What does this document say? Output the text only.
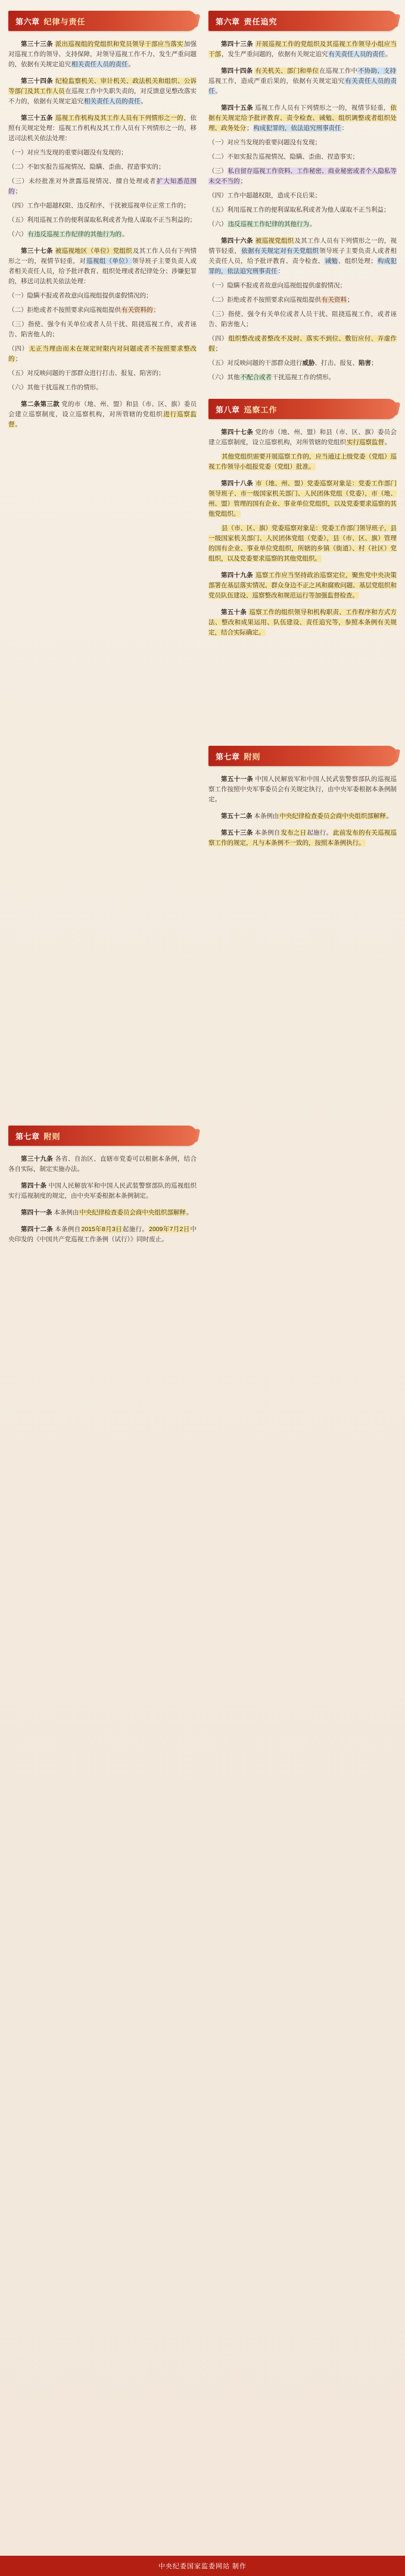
第六章 纪律与责任

第三十三条 派出巡视组的党组织和党员领导干部应当落实加强对巡视工作的领导、支持保障，对领导巡视工作不力、发生严重问题的，依据有关规定追究相关责任人员的责任。

第三十四条 纪检监察机关、审计机关、政法机关和组织、公诉等部门及其工作人员在巡视工作中失职失责的，对反馈意见整改落实不力的，依据有关规定追究相关责任人员的责任。

第三十五条 巡视工作机构及其工作人员有下列情形之一的，依照有关规定处理：巡视工作机构及其工作人员有下列情形之一的，移送司法机关依法处理：

（一）对应当发现的重要问题没有发现的；

（二）不如实报告巡视情况、隐瞒、歪曲、捏造事实的；

（三）未经批准对外泄露巡视情况、擅自处理或者扩大知悉范围的；

（四）工作中超越权限、违反程序、干扰被巡视单位正常工作的；

（五）利用巡视工作的便利谋取私利或者为他人谋取不正当利益的；

（六）有违反巡视工作纪律的其他行为的。

第三十七条 被巡视地区（单位）党组织及其工作人员有下列情形之一的，视情节轻重，对巡视组（单位）领导班子主要负责人或者相关责任人员，给予批评教育、组织处理或者纪律处分；涉嫌犯罪的，移送司法机关依法处理：

（一）隐瞒不报或者故意向巡视组提供虚假情况的；

（二）拒绝或者不按照要求向巡视组提供有关资料的；

（三）指使、强令有关单位或者人员干扰、阻挠巡视工作，或者诬告、陷害他人的；

（四）无正当理由而未在规定时限内对问题或者不按照要求整改的；

（五）对反映问题的干部群众进行打击、报复、陷害的；

（六）其他干扰巡视工作的情形。

第二条第三款 党的市（地、州、盟）和县（市、区、旗）委员会建立巡察制度，设立巡察机构，对所管辖的党组织进行巡察监督。

第七章 附则

第三十九条 各省、自治区、直辖市党委可以根据本条例，结合各自实际，制定实施办法。

第四十条 中国人民解放军和中国人民武装警察部队的巡视组织实行巡视制度的规定，由中央军委根据本条例制定。

第四十一条 本条例由中央纪律检查委员会商中央组织部解释。

第四十二条 本条例自2015年8月3日起施行。2009年7月2日中央印发的《中国共产党巡视工作条例（试行）》同时废止。

第六章 责任追究

第四十三条 开展巡视工作的党组织及其巡视工作领导小组应当干部，发生严重问题的，依据有关规定追究有关责任人员的责任。

第四十四条 有关机关、部门和单位在巡视工作中不协助、支持巡视工作，造成严重后果的，依据有关规定追究有关责任人员的责任。

第四十五条 巡视工作人员有下列情形之一的，视情节轻重，依据有关规定给予批评教育、责令检查、诫勉、组织调整或者组织处理、政务处分；构成犯罪的，依法追究刑事责任：

（一）对应当发现的重要问题没有发现；

（二）不如实报告巡视情况、隐瞒、歪曲、捏造事实；

（三）私自留存巡视工作资料、工作秘密、商业秘密或者个人隐私等未交不当的；

（四）工作中超越权限，造成不良后果；

（五）利用巡视工作的便利谋取私利或者为他人谋取不正当利益；

（六）违反巡视工作纪律的其他行为。

第四十六条 被巡视党组织及其工作人员有下列情形之一的，视情节轻重，依据有关规定对有关党组织领导班子主要负责人或者相关责任人员，给予批评教育、责令检查、诫勉、组织处理；构成犯罪的，依法追究刑事责任：

（一）隐瞒不报或者故意向巡视组提供虚假情况；

（二）拒绝或者不按照要求向巡视组提供有关资料；

（三）指使、强令有关单位或者人员干扰、阻挠巡视工作，或者诬告、陷害他人；

（四）组织整改或者整改不及时、落实不到位、敷衍应付、弄虚作假；

（五）对反映问题的干部群众进行威胁、打击、报复、陷害；

（六）其他不配合或者干扰巡视工作的情形。

第八章 巡察工作

第四十七条 党的市（地、州、盟）和县（市、区、旗）委员会建立巡察制度，设立巡察机构，对所管辖的党组织实行巡察监督。

其他党组织需要开展巡察工作的，应当通过上级党委（党组）巡视工作领导小组报党委（党组）批准。

第四十八条 市（地、州、盟）党委巡察对象是：党委工作部门领导班子、市一级国家机关部门、人民团体党组（党委），市（地、州、盟）管理的国有企业、事业单位党组织，以及党委要求巡察的其他党组织。

县（市、区、旗）党委巡察对象是：党委工作部门领导班子，县一级国家机关部门、人民团体党组（党委），县（市、区、旗）管理的国有企业、事业单位党组织，所辖的乡镇（街道）、村（社区）党组织，以及党委要求巡察的其他党组织。

第四十九条 巡察工作应当坚持政治巡察定位，聚焦党中央决策部署在基层落实情况、群众身边不正之风和腐败问题、基层党组织和党员队伍建设、巡察整改和规范运行等加强监督检查。

第五十条 巡察工作的组织领导和机构职责、工作程序和方式方法、整改和成果运用、队伍建设、责任追究等，参照本条例有关规定，结合实际确定。

第七章 附则

第五十一条 中国人民解放军和中国人民武装警察部队的巡视巡察工作按照中央军事委员会有关规定执行，由中央军委根据本条例制定。

第五十二条 本条例由中央纪律检查委员会商中央组织部解释。

第五十三条 本条例自发布之日起施行。此前发布的有关巡视巡察工作的规定，凡与本条例不一致的，按照本条例执行。

中央纪委国家监委网站 制作
